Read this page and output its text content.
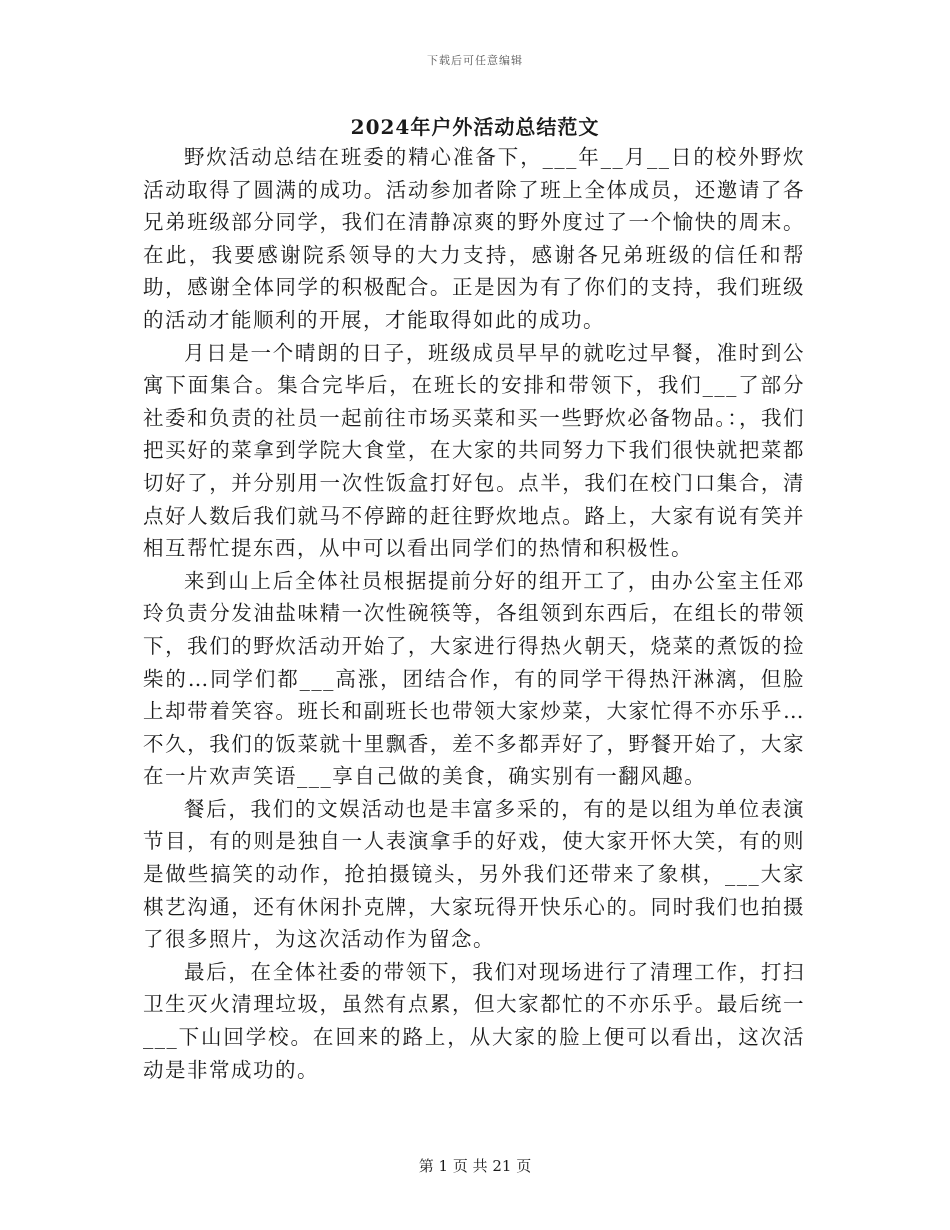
下载后可任意编辑
2024年户外活动总结范文

野炊活动总结在班委的精心准备下，___年__月__日的校外野炊活动取得了圆满的成功。活动参加者除了班上全体成员，还邀请了各兄弟班级部分同学，我们在清静凉爽的野外度过了一个愉快的周末。在此，我要感谢院系领导的大力支持，感谢各兄弟班级的信任和帮助，感谢全体同学的积极配合。正是因为有了你们的支持，我们班级的活动才能顺利的开展，才能取得如此的成功。

月日是一个晴朗的日子，班级成员早早的就吃过早餐，准时到公寓下面集合。集合完毕后，在班长的安排和带领下，我们___了部分社委和负责的社员一起前往市场买菜和买一些野炊必备物品。：，我们把买好的菜拿到学院大食堂，在大家的共同努力下我们很快就把菜都切好了，并分别用一次性饭盒打好包。点半，我们在校门口集合，清点好人数后我们就马不停蹄的赶往野炊地点。路上，大家有说有笑并相互帮忙提东西，从中可以看出同学们的热情和积极性。

来到山上后全体社员根据提前分好的组开工了，由办公室主任邓玲负责分发油盐味精一次性碗筷等，各组领到东西后，在组长的带领下，我们的野炊活动开始了，大家进行得热火朝天，烧菜的煮饭的捡柴的…同学们都___高涨，团结合作，有的同学干得热汗淋漓，但脸上却带着笑容。班长和副班长也带领大家炒菜，大家忙得不亦乐乎…不久，我们的饭菜就十里飘香，差不多都弄好了，野餐开始了，大家在一片欢声笑语___享自己做的美食，确实别有一翻风趣。

餐后，我们的文娱活动也是丰富多采的，有的是以组为单位表演节目，有的则是独自一人表演拿手的好戏，使大家开怀大笑，有的则是做些搞笑的动作，抢拍摄镜头，另外我们还带来了象棋，___大家棋艺沟通，还有休闲扑克牌，大家玩得开快乐心的。同时我们也拍摄了很多照片，为这次活动作为留念。

最后，在全体社委的带领下，我们对现场进行了清理工作，打扫卫生灭火清理垃圾，虽然有点累，但大家都忙的不亦乐乎。最后统一___下山回学校。在回来的路上，从大家的脸上便可以看出，这次活动是非常成功的。

第 1 页 共 21 页
